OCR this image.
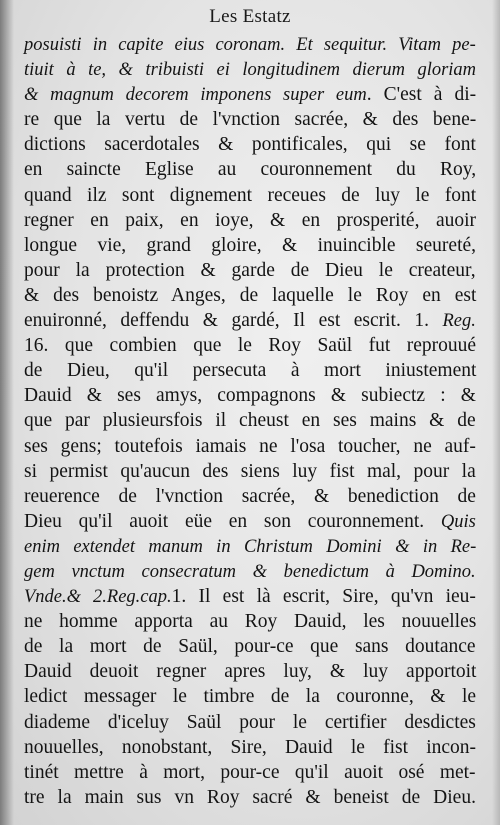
Les Estatz
posuisti in capite eius coronam. Et sequitur. Vitam pe-
tiuit à te, & tribuisti ei longitudinem dierum gloriam
& magnum decorem imponens super eum. C'est à di-
re que la vertu de l'vnction sacrée, & des bene-
dictions sacerdotales & pontificales, qui se font
en saincte Eglise au couronnement du Roy,
quand ilz sont dignement receues de luy le font
regner en paix, en ioye, & en prosperité, auoir
longue vie, grand gloire, & inuincible seureté,
pour la protection & garde de Dieu le createur,
& des benoistz Anges, de laquelle le Roy en est
enuironné, deffendu & gardé, Il est escrit. 1. Reg.
16. que combien que le Roy Saül fut reprouué
de Dieu, qu'il persecuta à mort iniustement
Dauid & ses amys, compagnons & subiectz : &
que par plusieursfois il cheust en ses mains & de
ses gens; toutefois iamais ne l'osa toucher, ne auf-
si permist qu'aucun des siens luy fist mal, pour la
reuerence de l'vnction sacrée, & benediction de
Dieu qu'il auoit eüe en son couronnement. Quis
enim extendet manum in Christum Domini & in Re-
gem vnctum consecratum & benedictum à Domino.
Vnde.& 2.Reg.cap.1. Il est là escrit, Sire, qu'vn ieu-
ne homme apporta au Roy Dauid, les nouuelles
de la mort de Saül, pour-ce que sans doutance
Dauid deuoit regner apres luy, & luy apportoit
ledict messager le timbre de la couronne, & le
diademe d'iceluy Saül pour le certifier desdictes
nouuelles, nonobstant, Sire, Dauid le fist incon-
tinét mettre à mort, pour-ce qu'il auoit osé met-
tre la main sus vn Roy sacré & beneist de Dieu.
